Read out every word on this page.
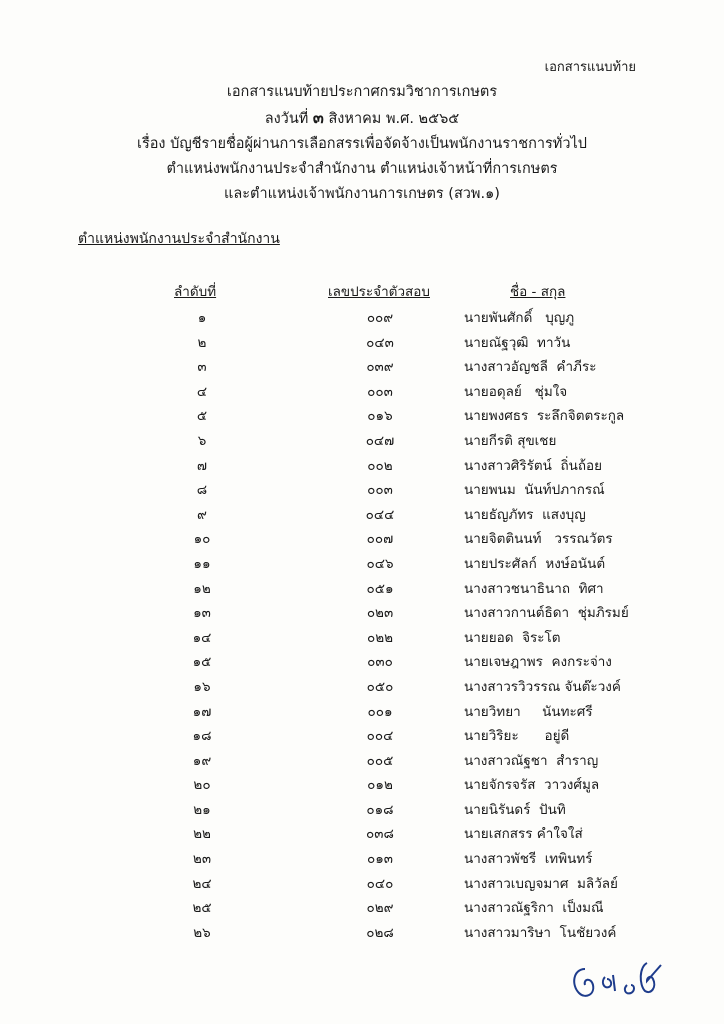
เอกสารแนบท้าย
เอกสารแนบท้ายประกาศกรมวิชาการเกษตร
ลงวันที่ ๓ สิงหาคม พ.ศ. ๒๕๖๕
เรื่อง บัญชีรายชื่อผู้ผ่านการเลือกสรรเพื่อจัดจ้างเป็นพนักงานราชการทั่วไป
ตำแหน่งพนักงานประจำสำนักงาน ตำแหน่งเจ้าหน้าที่การเกษตร
และตำแหน่งเจ้าพนักงานการเกษตร (สวพ.๑)
ตำแหน่งพนักงานประจำสำนักงาน
ลำดับที่	เลขประจำตัวสอบ	ชื่อ - สกุล
๑	๐๐๙	นายพันศักดิ์   บุญภู
๒	๐๔๓	นายณัฐวุฒิ  ทาวัน
๓	๐๓๙	นางสาวอัญชลี  คำภีระ
๔	๐๐๓	นายอดุลย์   ชุ่มใจ
๕	๐๑๖	นายพงศธร  ระลึกจิตตระกูล
๖	๐๔๗	นายกีรติ สุขเชย
๗	๐๐๒	นางสาวศิริรัตน์  ถิ่นถ้อย
๘	๐๐๓	นายพนม  นันท์ปภากรณ์
๙	๐๔๔	นายธัญภัทร  แสงบุญ
๑๐	๐๐๗	นายจิตตินนท์   วรรณวัตร
๑๑	๐๔๖	นายประศัลก์  หงษ์อนันต์
๑๒	๐๕๑	นางสาวชนาธินาถ  ทิศา
๑๓	๐๒๓	นางสาวกานต์ธิดา  ชุ่มภิรมย์
๑๔	๐๒๒	นายยอด  จิระโต
๑๕	๐๓๐	นายเจษฎาพร  คงกระจ่าง
๑๖	๐๕๐	นางสาวรวิวรรณ จันต๊ะวงค์
๑๗	๐๐๑	นายวิทยา     นันทะศรี
๑๘	๐๐๔	นายวิริยะ      อยู่ดี
๑๙	๐๐๕	นางสาวณัฐชา  สำราญ
๒๐	๐๑๒	นายจักรจรัส  วาวงศ์มูล
๒๑	๐๑๘	นายนิรันดร์  ปันทิ
๒๒	๐๓๘	นายเสกสรร คำใจใส่
๒๓	๐๑๓	นางสาวพัชรี  เทพินทร์
๒๔	๐๔๐	นางสาวเบญจมาศ  มลิวัลย์
๒๕	๐๒๙	นางสาวณัฐริกา  เป็งมณี
๒๖	๐๒๘	นางสาวมาริษา  โนชัยวงค์
